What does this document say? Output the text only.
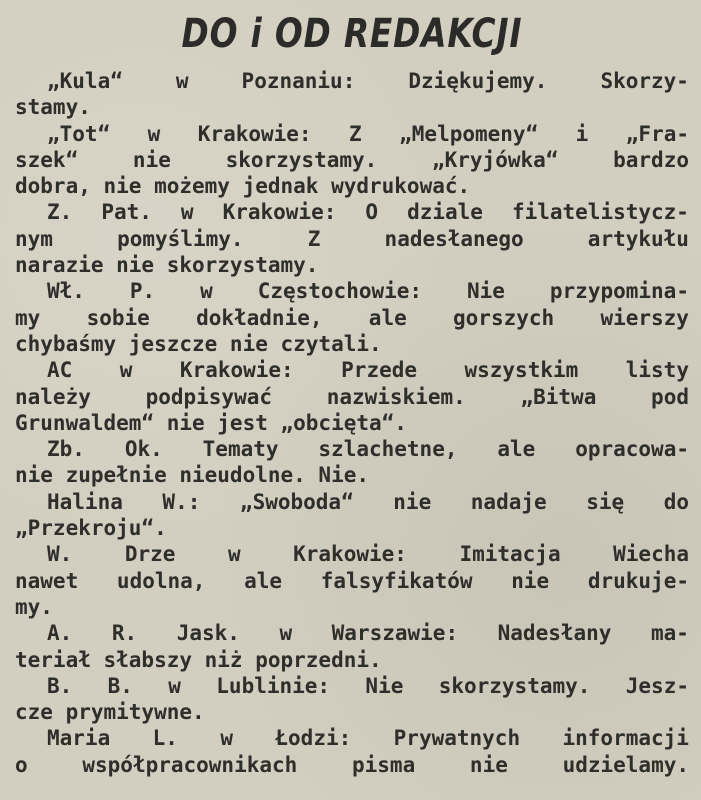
DO i OD REDAKCJI
„Kula“	w	Poznaniu:	Dziękujemy.	Skorzy-
stamy.
„Tot“ w Krakowie: Z „Melpomeny“ i „Fra-
szek“	nie	skorzystamy.	„Kryjówka“	bardzo
dobra, nie możemy jednak wydrukować.
Z. Pat. w Krakowie: O dziale filatelistycz-
nym	pomyślimy.	Z	nadesłanego	artykułu
narazie nie skorzystamy.
Wł. P. w Częstochowie: Nie przypomina-
my sobie dokładnie, ale gorszych wierszy
chybaśmy jeszcze nie czytali.
AC w Krakowie: Przede wszystkim listy
należy	podpisywać	nazwiskiem.	„Bitwa	pod
Grunwaldem“ nie jest „obcięta“.
Zb. Ok. Tematy szlachetne, ale opracowa-
nie zupełnie nieudolne. Nie.
Halina W.: „Swoboda“ nie nadaje się do
„Przekroju“.
W.	Drze	w	Krakowie:	Imitacja	Wiecha
nawet udolna, ale falsyfikatów nie drukuje-
my.
A. R. Jask. w Warszawie: Nadesłany ma-
teriał słabszy niż poprzedni.
B. B. w Lublinie: Nie skorzystamy. Jesz-
cze prymitywne.
Maria L. w Łodzi: Prywatnych informacji
o	współpracownikach	pisma	nie	udzielamy.
